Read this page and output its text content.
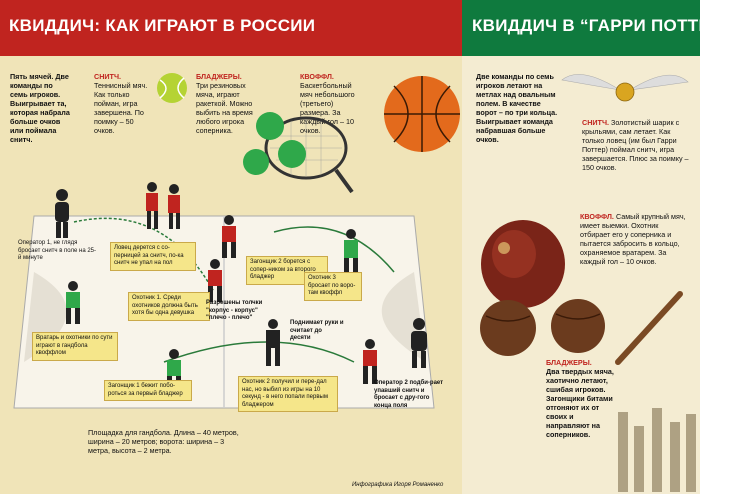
КВИДДИЧ: КАК ИГРАЮТ В РОССИИ	КВИДДИЧ В “ГАРРИ ПОТТЕРЕ”
Пять мячей. Две команды по семь игроков. Выигрывает та, которая набрала больше очков или поймала снитч.
СНИТЧ.
Теннисный мяч. Как только пойман, игра завершена. По поимку – 50 очков.
БЛАДЖЕРЫ.
Три резиновых мяча, играют ракеткой. Можно выбить на время любого игрока соперника.
КВОФФЛ.
Баскетбольный мяч небольшого (третьего) размера. За каждый гол – 10 очков.
Оператор 1, не глядя бросает снитч в поле на 25-й минуте
Ловец дерется с со-перницей за снитч, по-ка снитч не упал на пол
Охотник 1. Среди охотников должна быть хотя бы одна девушка
Вратарь и охотники по сути играют в гандбола квоффлом
Загонщик 1 бежит побо-роться за первый бладжер
Разрешены толчки "корпус - корпус" "плечо - плечо"
Загонщик 2 борется с сопер-ником за второго бладжер	Охотник 3 бросает по воро-там квоффл
Поднимает руки и считает до десяти
Охотник 2 получил и пере-дал нас, но выбил из игры на 10 секунд - в него попали первым бладжером
Оператор 2 подби-рает упавший снитч и бросает с дру-гого конца поля
Площадка для гандбола. Длина – 40 метров, ширина – 20 метров; ворота: ширина – 3 метра, высота – 2 метра.
Инфографика Игоря Романенко
Две команды по семь игроков летают на метлах над овальным полем. В качестве ворот – по три кольца. Выигрывает команда набравшая больше очков.
СНИТЧ. Золотистый шарик с крыльями, сам летает. Как только ловец (им был Гарри Поттер) поймал снитч, игра завершается. Плюс за поимку – 150 очков.
КВОФФЛ. Самый крупный мяч, имеет выемки. Охотник отбирает его у соперника и пытается забросить в кольцо, охраняемое вратарем. За каждый гол – 10 очков.
БЛАДЖЕРЫ.
Два твердых мяча, хаотично летают, сшибая игроков. Загонщики битами отгоняют их от своих и направляют на соперников.
